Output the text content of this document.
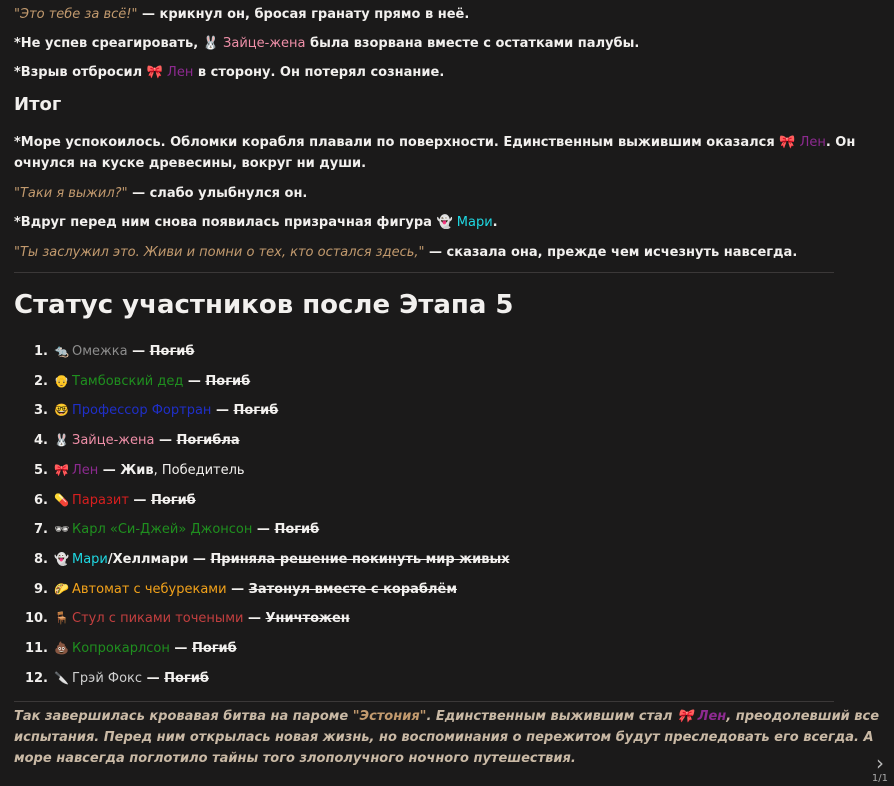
"Это тебе за всё!" — крикнул он, бросая гранату прямо в неё.
*Не успев среагировать, 🐰 Зайце-жена была взорвана вместе с остатками палубы.
*Взрыв отбросил 🎀 Лен в сторону. Он потерял сознание.
Итог
*Море успокоилось. Обломки корабля плавали по поверхности. Единственным выжившим оказался 🎀 Лен. Он очнулся на куске древесины, вокруг ни души.
"Таки я выжил?" — слабо улыбнулся он.
*Вдруг перед ним снова появилась призрачная фигура 👻 Мари.
"Ты заслужил это. Живи и помни о тех, кто остался здесь," — сказала она, прежде чем исчезнуть навсегда.
Статус участников после Этапа 5
1. 🐀 Омежка — Погиб
2. 👴 Тамбовский дед — Погиб
3. 🤓 Профессор Фортран — Погиб
4. 🐰 Зайце-жена — Погибла
5. 🎀 Лен — Жив, Победитель
6. 💊 Паразит — Погиб
7. 🕶 Карл «Си-Джей» Джонсон — Погиб
8. 👻 Мари/Хеллмари — Приняла решение покинуть мир живых
9. 🌮 Автомат с чебуреками — Затонул вместе с кораблём
10. 🪑 Стул с пиками точеными — Уничтожен
11. 💩 Копрокарлсон — Погиб
12. 🔪 Грэй Фокс — Погиб
Так завершилась кровавая битва на пароме "Эстония". Единственным выжившим стал 🎀 Лен, преодолевший все испытания. Перед ним открылась новая жизнь, но воспоминания о пережитом будут преследовать его всегда. А море навсегда поглотило тайны того злополучного ночного путешествия.	›
1/1
